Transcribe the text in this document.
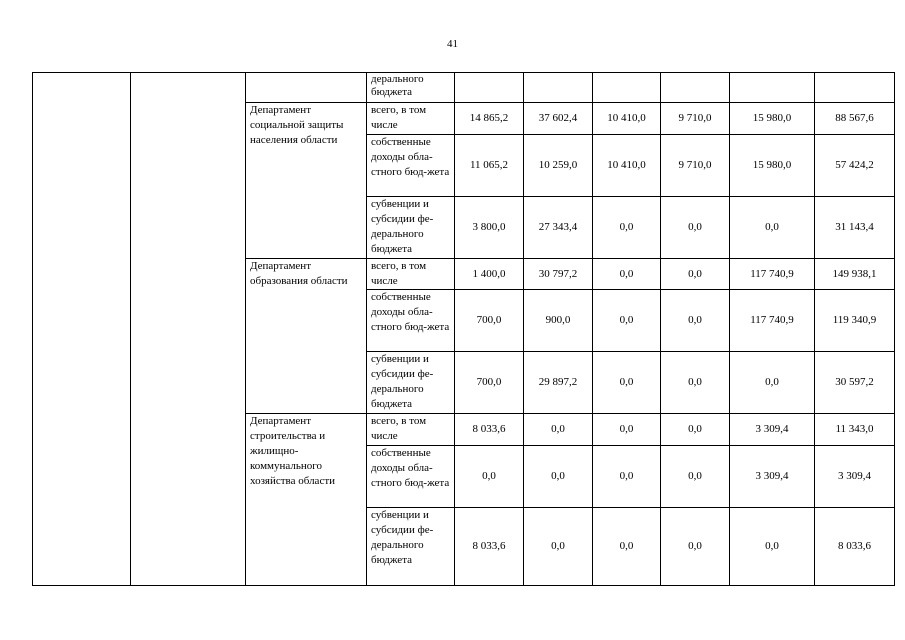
41
			дерального
бюджета						
		Департамент социальной защиты населения области	всего, в том числе	14 865,2	37 602,4	10 410,0	9 710,0	15 980,0	88 567,6
			собственные доходы обла-стного бюд-жета	11 065,2	10 259,0	10 410,0	9 710,0	15 980,0	57 424,2
			субвенции и субсидии фе-дерального бюджета	3 800,0	27 343,4	0,0	0,0	0,0	31 143,4
		Департамент образования области	всего, в том числе	1 400,0	30 797,2	0,0	0,0	117 740,9	149 938,1
			собственные доходы обла-стного бюд-жета	700,0	900,0	0,0	0,0	117 740,9	119 340,9
			субвенции и субсидии фе-дерального бюджета	700,0	29 897,2	0,0	0,0	0,0	30 597,2
		Департамент строительства и жилищно-коммунального хозяйства области	всего, в том числе	8 033,6	0,0	0,0	0,0	3 309,4	11 343,0
			собственные доходы обла-стного бюд-жета	0,0	0,0	0,0	0,0	3 309,4	3 309,4
			субвенции и субсидии фе-дерального бюджета	8 033,6	0,0	0,0	0,0	0,0	8 033,6
